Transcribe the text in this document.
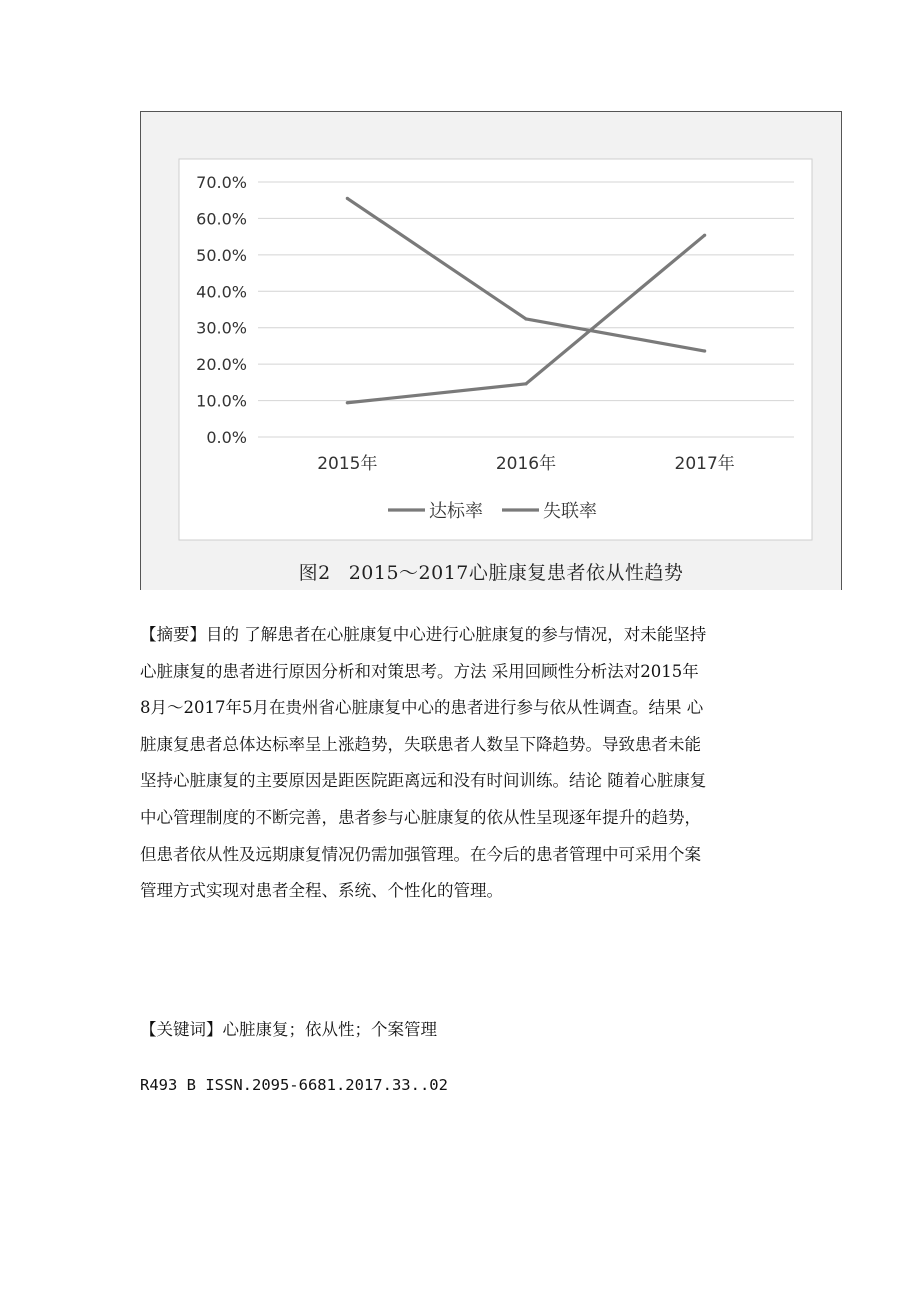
0.0%
10.0%
20.0%
30.0%
40.0%
50.0%
60.0%
70.0%
2015年	2016年	2017年
达标率	失联率
图2 2015～2017心脏康复患者依从性趋势
【摘要】目的 了解患者在心脏康复中心进行心脏康复的参与情况，对未能坚持
心脏康复的患者进行原因分析和对策思考。方法 采用回顾性分析法对2015年
8月～2017年5月在贵州省心脏康复中心的患者进行参与依从性调查。结果 心
脏康复患者总体达标率呈上涨趋势，失联患者人数呈下降趋势。导致患者未能
坚持心脏康复的主要原因是距医院距离远和没有时间训练。结论 随着心脏康复
中心管理制度的不断完善，患者参与心脏康复的依从性呈现逐年提升的趋势，
但患者依从性及远期康复情况仍需加强管理。在今后的患者管理中可采用个案
管理方式实现对患者全程、系统、个性化的管理。
【关键词】心脏康复；依从性；个案管理
R493 B ISSN.2095-6681.2017.33..02
